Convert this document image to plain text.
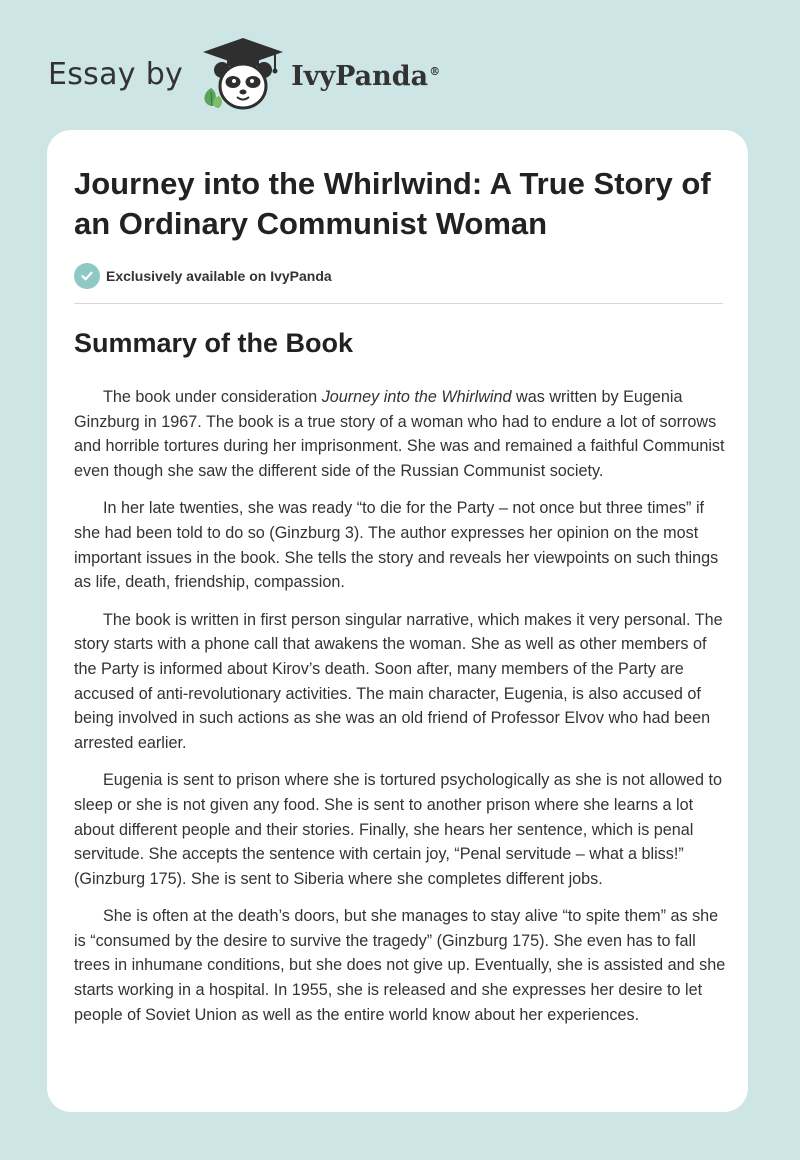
Essay by	IvyPanda®
Journey into the Whirlwind: A True Story of an Ordinary Communist Woman
Exclusively available on IvyPanda
Summary of the Book

The book under consideration Journey into the Whirlwind was written by Eugenia Ginzburg in 1967. The book is a true story of a woman who had to endure a lot of sorrows and horrible tortures during her imprisonment. She was and remained a faithful Communist even though she saw the different side of the Russian Communist society.

In her late twenties, she was ready “to die for the Party – not once but three times” if she had been told to do so (Ginzburg 3). The author expresses her opinion on the most important issues in the book. She tells the story and reveals her viewpoints on such things as life, death, friendship, compassion.

The book is written in first person singular narrative, which makes it very personal. The story starts with a phone call that awakens the woman. She as well as other members of the Party is informed about Kirov’s death. Soon after, many members of the Party are accused of anti-revolutionary activities. The main character, Eugenia, is also accused of being involved in such actions as she was an old friend of Professor Elvov who had been arrested earlier.

Eugenia is sent to prison where she is tortured psychologically as she is not allowed to sleep or she is not given any food. She is sent to another prison where she learns a lot about different people and their stories. Finally, she hears her sentence, which is penal servitude. She accepts the sentence with certain joy, “Penal servitude – what a bliss!” (Ginzburg 175). She is sent to Siberia where she completes different jobs.

She is often at the death’s doors, but she manages to stay alive “to spite them” as she is “consumed by the desire to survive the tragedy” (Ginzburg 175). She even has to fall trees in inhumane conditions, but she does not give up. Eventually, she is assisted and she starts working in a hospital. In 1955, she is released and she expresses her desire to let people of Soviet Union as well as the entire world know about her experiences.
